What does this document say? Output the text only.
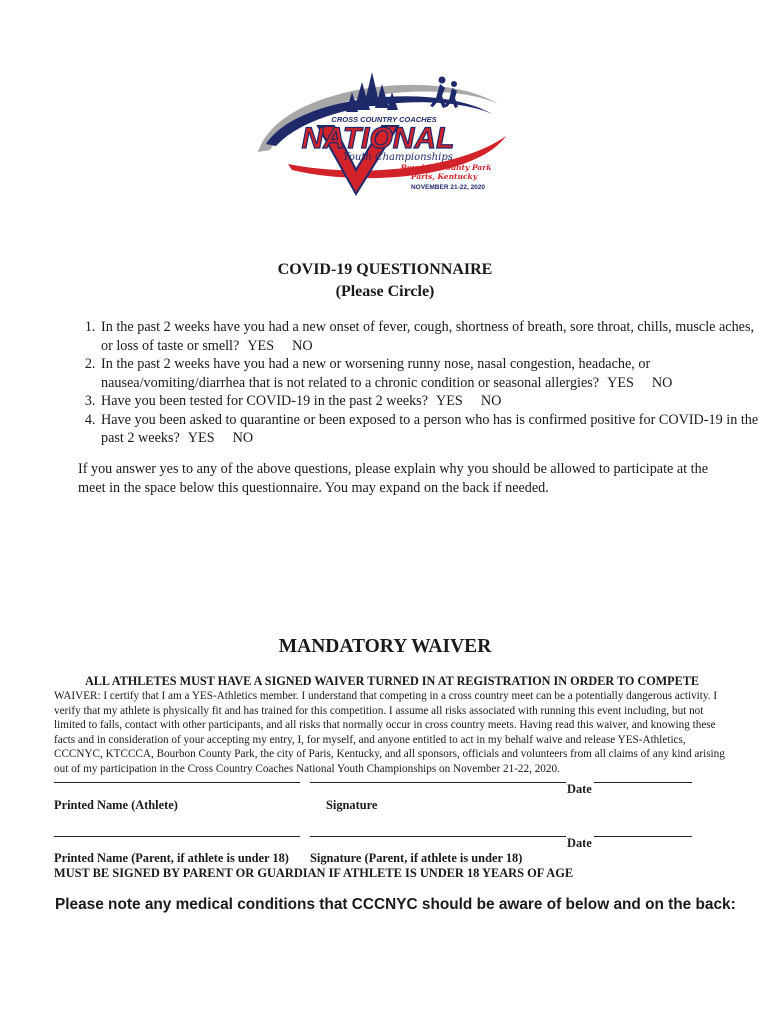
CROSS COUNTRY COACHES
NATIONAL
Youth Championships
Bourbon County Park
Paris, Kentucky
NOVEMBER 21-22, 2020
COVID-19 QUESTIONNAIRE
(Please Circle)
1. In the past 2 weeks have you had a new onset of fever, cough, shortness of breath, sore throat, chills, muscle aches, or loss of taste or smell? YES NO
2. In the past 2 weeks have you had a new or worsening runny nose, nasal congestion, headache, or nausea/vomiting/diarrhea that is not related to a chronic condition or seasonal allergies? YES NO
3. Have you been tested for COVID-19 in the past 2 weeks? YES NO
4. Have you been asked to quarantine or been exposed to a person who has is confirmed positive for COVID-19 in the past 2 weeks? YES NO

If you answer yes to any of the above questions, please explain why you should be allowed to participate at the meet in the space below this questionnaire. You may expand on the back if needed.

MANDATORY WAIVER
ALL ATHLETES MUST HAVE A SIGNED WAIVER TURNED IN AT REGISTRATION IN ORDER TO COMPETE

WAIVER: I certify that I am a YES-Athletics member. I understand that competing in a cross country meet can be a potentially dangerous activity. I verify that my athlete is physically fit and has trained for this competition. I assume all risks associated with running this event including, but not limited to falls, contact with other participants, and all risks that normally occur in cross country meets. Having read this waiver, and knowing these facts and in consideration of your accepting my entry, I, for myself, and anyone entitled to act in my behalf waive and release YES-Athletics, CCCNYC, KTCCCA, Bourbon County Park, the city of Paris, Kentucky, and all sponsors, officials and volunteers from all claims of any kind arising out of my participation in the Cross Country Coaches National Youth Championships on November 21-22, 2020.

Date
Printed Name (Athlete)	Signature
Date
Printed Name (Parent, if athlete is under 18) Signature (Parent, if athlete is under 18)
MUST BE SIGNED BY PARENT OR GUARDIAN IF ATHLETE IS UNDER 18 YEARS OF AGE
Please note any medical conditions that CCCNYC should be aware of below and on the back:
